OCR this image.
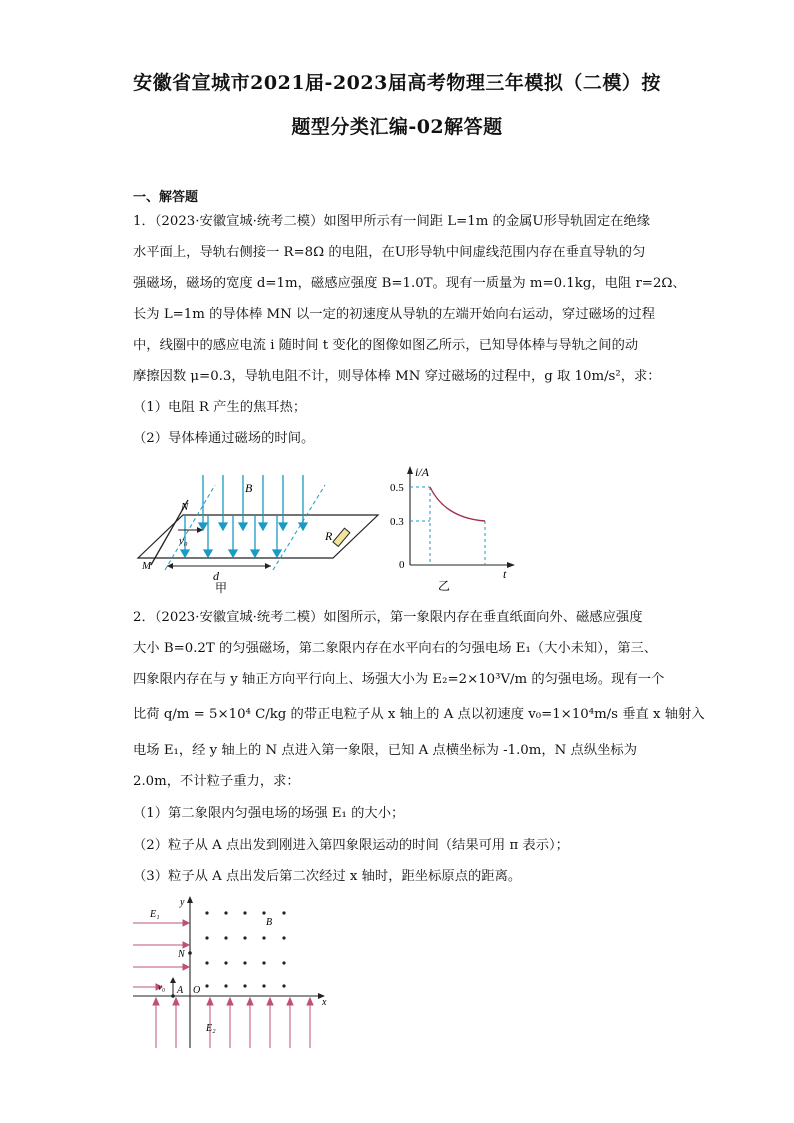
安徽省宣城市2021届-2023届高考物理三年模拟（二模）按
题型分类汇编-02解答题
一、解答题
1．（2023·安徽宣城·统考二模）如图甲所示有一间距 L=1m 的金属U形导轨固定在绝缘
水平面上，导轨右侧接一 R=8Ω 的电阻，在U形导轨中间虚线范围内存在垂直导轨的匀
强磁场，磁场的宽度 d=1m，磁感应强度 B=1.0T。现有一质量为 m=0.1kg，电阻 r=2Ω、
长为 L=1m 的导体棒 MN 以一定的初速度从导轨的左端开始向右运动，穿过磁场的过程
中，线圈中的感应电流 i 随时间 t 变化的图像如图乙所示，已知导体棒与导轨之间的动
摩擦因数 μ=0.3，导轨电阻不计，则导体棒 MN 穿过磁场的过程中，g 取 10m/s²，求：
（1）电阻 R 产生的焦耳热；
（2）导体棒通过磁场的时间。
B
N
v₀	R
M
d
甲
i/A
0.5
0.3
0
t
乙
2．（2023·安徽宣城·统考二模）如图所示，第一象限内存在垂直纸面向外、磁感应强度
大小 B=0.2T 的匀强磁场，第二象限内存在水平向右的匀强电场 E₁（大小未知），第三、
四象限内存在与 y 轴正方向平行向上、场强大小为 E₂=2×10³V/m 的匀强电场。现有一个
比荷 q/m = 5×10⁴ C/kg 的带正电粒子从 x 轴上的 A 点以初速度 v₀=1×10⁴m/s 垂直 x 轴射入
电场 E₁，经 y 轴上的 N 点进入第一象限，已知 A 点横坐标为 -1.0m，N 点纵坐标为
2.0m，不计粒子重力，求：
（1）第二象限内匀强电场的场强 E₁ 的大小；
（2）粒子从 A 点出发到刚进入第四象限运动的时间（结果可用 π 表示）；
（3）粒子从 A 点出发后第二次经过 x 轴时，距坐标原点的距离。
y
x
E₁
E₂
B
N
A O
v₀
